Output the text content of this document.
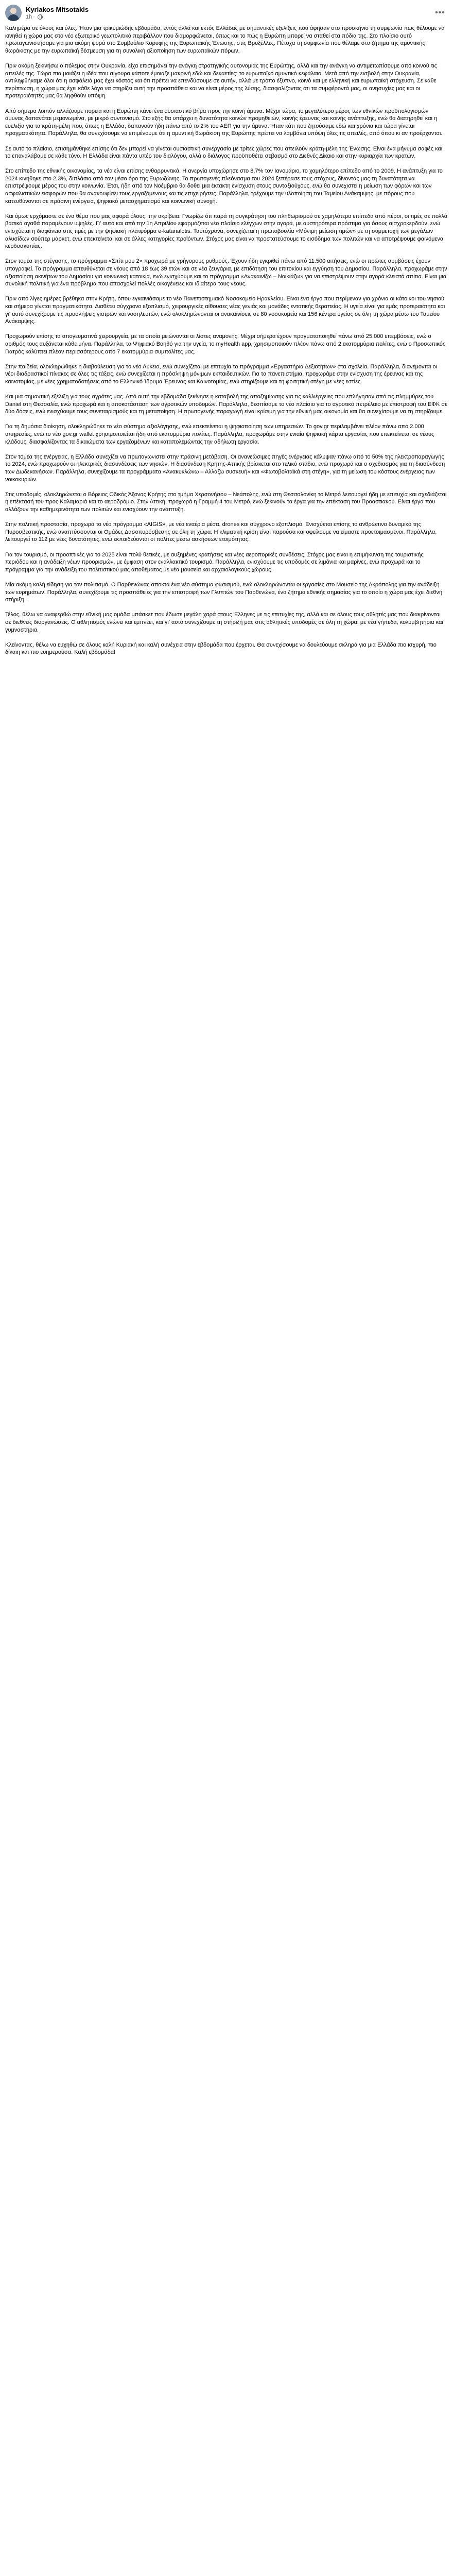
Kyriakos Mitsotakis
1h ·	•••

Καλημέρα σε όλους και όλες. Ήταν μια τρικυμιώδης εβδομάδα, εντός αλλά και εκτός Ελλάδας με σημαντικές εξελίξεις που άφησαν στο προσκήνιο τη συμφωνία πως θέλουμε να κινηθεί η χώρα μας στο νέο εξωτερικό γεωπολιτικό περιβάλλον που διαμορφώνεται, όπως και το πώς η Ευρώπη μπορεί να σταθεί στα πόδια της. Στο πλαίσιο αυτό πρωταγωνιστήσαμε για μια ακόμη φορά στο Συμβούλιο Κορυφής της Ευρωπαϊκής Ένωσης, στις Βρυξέλλες. Πέτυχα τη συμφωνία που θέλαμε στο ζήτημα της αμυντικής θωράκισης με την ευρωπαϊκή δέσμευση για τη συνολική αξιοποίηση των ευρωπαϊκών πόρων.

Πριν ακόμη ξεκινήσω ο πόλεμος στην Ουκρανία, είχα επισημάνει την ανάγκη στρατηγικής αυτονομίας της Ευρώπης, αλλά και την ανάγκη να αντιμετωπίσουμε από κοινού τις απειλές της. Τώρα πια μοιάζει η ιδέα που σίγουρα κάποτε έμοιαζε μακρινή εδώ και δεκαετίες: το ευρωπαϊκό αμυντικό κεφάλαιο. Μετά από την εισβολή στην Ουκρανία, αντιληφθήκαμε όλοι ότι η ασφάλειά μας έχει κόστος και ότι πρέπει να επενδύσουμε σε αυτήν, αλλά με τρόπο έξυπνο, κοινό και με ελληνική και ευρωπαϊκή στόχευση. Σε κάθε περίπτωση, η χώρα μας έχει κάθε λόγο να στηρίζει αυτή την προσπάθεια και να είναι μέρος της λύσης, διασφαλίζοντας ότι τα συμφέροντά μας, οι ανησυχίες μας και οι προτεραιότητές μας θα ληφθούν υπόψη.

Από σήμερα λοιπόν αλλάζουμε πορεία και η Ευρώπη κάνει ένα ουσιαστικό βήμα προς την κοινή άμυνα. Μέχρι τώρα, το μεγαλύτερο μέρος των εθνικών προϋπολογισμών άμυνας δαπανάται μεμονωμένα, με μικρό συντονισμό. Στο εξής θα υπάρχει η δυνατότητα κοινών προμηθειών, κοινής έρευνας και κοινής ανάπτυξης, ενώ θα διατηρηθεί και η ευελιξία για τα κράτη-μέλη που, όπως η Ελλάδα, δαπανούν ήδη πάνω από το 2% του ΑΕΠ για την άμυνα. Ήταν κάτι που ζητούσαμε εδώ και χρόνια και τώρα γίνεται πραγματικότητα. Παράλληλα, θα συνεχίσουμε να επιμένουμε ότι η αμυντική θωράκιση της Ευρώπης πρέπει να λαμβάνει υπόψη όλες τις απειλές, από όπου κι αν προέρχονται.

Σε αυτό το πλαίσιο, επισημάνθηκε επίσης ότι δεν μπορεί να γίνεται ουσιαστική συνεργασία με τρίτες χώρες που απειλούν κράτη-μέλη της Ένωσης. Είναι ένα μήνυμα σαφές και το επαναλάβαμε σε κάθε τόνο. Η Ελλάδα είναι πάντα υπέρ του διαλόγου, αλλά ο διάλογος προϋποθέτει σεβασμό στο Διεθνές Δίκαιο και στην κυριαρχία των κρατών.

Στο επίπεδο της εθνικής οικονομίας, τα νέα είναι επίσης ενθαρρυντικά. Η ανεργία υποχώρησε στο 8,7% τον Ιανουάριο, το χαμηλότερο επίπεδο από το 2009. Η ανάπτυξη για το 2024 κινήθηκε στο 2,3%, διπλάσια από τον μέσο όρο της Ευρωζώνης. Το πρωτογενές πλεόνασμα του 2024 ξεπέρασε τους στόχους, δίνοντάς μας τη δυνατότητα να επιστρέψουμε μέρος του στην κοινωνία. Έτσι, ήδη από τον Νοέμβριο θα δοθεί μια έκτακτη ενίσχυση στους συνταξιούχους, ενώ θα συνεχιστεί η μείωση των φόρων και των ασφαλιστικών εισφορών που θα ανακουφίσει τους εργαζόμενους και τις επιχειρήσεις. Παράλληλα, τρέχουμε την υλοποίηση του Ταμείου Ανάκαμψης, με πόρους που κατευθύνονται σε πράσινη ενέργεια, ψηφιακό μετασχηματισμό και κοινωνική συνοχή.

Και όμως ερχόμαστε σε ένα θέμα που μας αφορά όλους: την ακρίβεια. Γνωρίζω ότι παρά τη συγκράτηση του πληθωρισμού σε χαμηλότερα επίπεδα από πέρσι, οι τιμές σε πολλά βασικά αγαθά παραμένουν υψηλές. Γι' αυτό και από την 1η Απριλίου εφαρμόζεται νέο πλαίσιο ελέγχων στην αγορά, με αυστηρότερα πρόστιμα για όσους αισχροκερδούν, ενώ ενισχύεται η διαφάνεια στις τιμές με την ψηφιακή πλατφόρμα e-katanalotis. Ταυτόχρονα, συνεχίζεται η πρωτοβουλία «Μόνιμη μείωση τιμών» με τη συμμετοχή των μεγάλων αλυσίδων σούπερ μάρκετ, ενώ επεκτείνεται και σε άλλες κατηγορίες προϊόντων. Στόχος μας είναι να προστατεύσουμε το εισόδημα των πολιτών και να αποτρέψουμε φαινόμενα κερδοσκοπίας.

Στον τομέα της στέγασης, το πρόγραμμα «Σπίτι μου 2» προχωρά με γρήγορους ρυθμούς. Έχουν ήδη εγκριθεί πάνω από 11.500 αιτήσεις, ενώ οι πρώτες συμβάσεις έχουν υπογραφεί. Το πρόγραμμα απευθύνεται σε νέους από 18 έως 39 ετών και σε νέα ζευγάρια, με επιδότηση του επιτοκίου και εγγύηση του Δημοσίου. Παράλληλα, προχωράμε στην αξιοποίηση ακινήτων του Δημοσίου για κοινωνική κατοικία, ενώ ενισχύουμε και το πρόγραμμα «Ανακαινίζω – Νοικιάζω» για να επιστρέψουν στην αγορά κλειστά σπίτια. Είναι μια συνολική πολιτική για ένα πρόβλημα που απασχολεί πολλές οικογένειες και ιδιαίτερα τους νέους.

Πριν από λίγες ημέρες βρέθηκα στην Κρήτη, όπου εγκαινιάσαμε το νέο Πανεπιστημιακό Νοσοκομείο Ηρακλείου. Είναι ένα έργο που περίμεναν για χρόνια οι κάτοικοι του νησιού και σήμερα γίνεται πραγματικότητα. Διαθέτει σύγχρονο εξοπλισμό, χειρουργικές αίθουσες νέας γενιάς και μονάδες εντατικής θεραπείας. Η υγεία είναι για εμάς προτεραιότητα και γι' αυτό συνεχίζουμε τις προσλήψεις γιατρών και νοσηλευτών, ενώ ολοκληρώνονται οι ανακαινίσεις σε 80 νοσοκομεία και 156 κέντρα υγείας σε όλη τη χώρα μέσω του Ταμείου Ανάκαμψης.

Προχωρούν επίσης τα απογευματινά χειρουργεία, με τα οποία μειώνονται οι λίστες αναμονής. Μέχρι σήμερα έχουν πραγματοποιηθεί πάνω από 25.000 επεμβάσεις, ενώ ο αριθμός τους αυξάνεται κάθε μήνα. Παράλληλα, το Ψηφιακό Βοηθό για την υγεία, το myHealth app, χρησιμοποιούν πλέον πάνω από 2 εκατομμύρια πολίτες, ενώ ο Προσωπικός Γιατρός καλύπτει πλέον περισσότερους από 7 εκατομμύρια συμπολίτες μας.

Στην παιδεία, ολοκληρώθηκε η διαβούλευση για το νέο Λύκειο, ενώ συνεχίζεται με επιτυχία το πρόγραμμα «Εργαστήρια Δεξιοτήτων» στα σχολεία. Παράλληλα, διανέμονται οι νέοι διαδραστικοί πίνακες σε όλες τις τάξεις, ενώ συνεχίζεται η πρόσληψη μόνιμων εκπαιδευτικών. Για τα πανεπιστήμια, προχωράμε στην ενίσχυση της έρευνας και της καινοτομίας, με νέες χρηματοδοτήσεις από το Ελληνικό Ίδρυμα Έρευνας και Καινοτομίας, ενώ στηρίζουμε και τη φοιτητική στέγη με νέες εστίες.

Και μια σημαντική εξέλιξη για τους αγρότες μας. Από αυτή την εβδομάδα ξεκίνησε η καταβολή της αποζημίωσης για τις καλλιέργειες που επλήγησαν από τις πλημμύρες του Daniel στη Θεσσαλία, ενώ προχωρά και η αποκατάσταση των αγροτικών υποδομών. Παράλληλα, θεσπίσαμε το νέο πλαίσιο για το αγροτικό πετρέλαιο με επιστροφή του ΕΦΚ σε δύο δόσεις, ενώ ενισχύουμε τους συνεταιρισμούς και τη μεταποίηση. Η πρωτογενής παραγωγή είναι κρίσιμη για την εθνική μας οικονομία και θα συνεχίσουμε να τη στηρίζουμε.

Για τη δημόσια διοίκηση, ολοκληρώθηκε το νέο σύστημα αξιολόγησης, ενώ επεκτείνεται η ψηφιοποίηση των υπηρεσιών. Το gov.gr περιλαμβάνει πλέον πάνω από 2.000 υπηρεσίες, ενώ το νέο gov.gr wallet χρησιμοποιείται ήδη από εκατομμύρια πολίτες. Παράλληλα, προχωράμε στην ενιαία ψηφιακή κάρτα εργασίας που επεκτείνεται σε νέους κλάδους, διασφαλίζοντας τα δικαιώματα των εργαζομένων και καταπολεμώντας την αδήλωτη εργασία.

Στον τομέα της ενέργειας, η Ελλάδα συνεχίζει να πρωταγωνιστεί στην πράσινη μετάβαση. Οι ανανεώσιμες πηγές ενέργειας κάλυψαν πάνω από το 50% της ηλεκτροπαραγωγής το 2024, ενώ προχωρούν οι ηλεκτρικές διασυνδέσεις των νησιών. Η διασύνδεση Κρήτης-Αττικής βρίσκεται στο τελικό στάδιο, ενώ προχωρά και ο σχεδιασμός για τη διασύνδεση των Δωδεκανήσων. Παράλληλα, συνεχίζουμε τα προγράμματα «Ανακυκλώνω – Αλλάζω συσκευή» και «Φωτοβολταϊκά στη στέγη», για τη μείωση του κόστους ενέργειας των νοικοκυριών.

Στις υποδομές, ολοκληρώνεται ο Βόρειος Οδικός Άξονας Κρήτης στο τμήμα Χερσονήσου – Νεάπολης, ενώ στη Θεσσαλονίκη το Μετρό λειτουργεί ήδη με επιτυχία και σχεδιάζεται η επέκτασή του προς Καλαμαριά και το αεροδρόμιο. Στην Αττική, προχωρά η Γραμμή 4 του Μετρό, ενώ ξεκινούν τα έργα για την επέκταση του Προαστιακού. Είναι έργα που αλλάζουν την καθημερινότητα των πολιτών και ενισχύουν την ανάπτυξη.

Στην πολιτική προστασία, προχωρά το νέο πρόγραμμα «AIGIS», με νέα εναέρια μέσα, drones και σύγχρονο εξοπλισμό. Ενισχύεται επίσης το ανθρώπινο δυναμικό της Πυροσβεστικής, ενώ αναπτύσσονται οι Ομάδες Δασοπυρόσβεσης σε όλη τη χώρα. Η κλιματική κρίση είναι παρούσα και οφείλουμε να είμαστε προετοιμασμένοι. Παράλληλα, λειτουργεί το 112 με νέες δυνατότητες, ενώ εκπαιδεύονται οι πολίτες μέσω ασκήσεων ετοιμότητας.

Για τον τουρισμό, οι προοπτικές για το 2025 είναι πολύ θετικές, με αυξημένες κρατήσεις και νέες αεροπορικές συνδέσεις. Στόχος μας είναι η επιμήκυνση της τουριστικής περιόδου και η ανάδειξη νέων προορισμών, με έμφαση στον εναλλακτικό τουρισμό. Παράλληλα, ενισχύουμε τις υποδομές σε λιμάνια και μαρίνες, ενώ προχωρά και το πρόγραμμα για την ανάδειξη του πολιτιστικού μας αποθέματος με νέα μουσεία και αρχαιολογικούς χώρους.

Μία ακόμη καλή είδηση για τον πολιτισμό. Ο Παρθενώνας αποκτά ένα νέο σύστημα φωτισμού, ενώ ολοκληρώνονται οι εργασίες στο Μουσείο της Ακρόπολης για την ανάδειξη των ευρημάτων. Παράλληλα, συνεχίζουμε τις προσπάθειες για την επιστροφή των Γλυπτών του Παρθενώνα, ένα ζήτημα εθνικής σημασίας για το οποίο η χώρα μας έχει διεθνή στήριξη.

Τέλος, θέλω να αναφερθώ στην εθνική μας ομάδα μπάσκετ που έδωσε μεγάλη χαρά στους Έλληνες με τις επιτυχίες της, αλλά και σε όλους τους αθλητές μας που διακρίνονται σε διεθνείς διοργανώσεις. Ο αθλητισμός ενώνει και εμπνέει, και γι' αυτό συνεχίζουμε τη στήριξή μας στις αθλητικές υποδομές σε όλη τη χώρα, με νέα γήπεδα, κολυμβητήρια και γυμναστήρια.

Κλείνοντας, θέλω να ευχηθώ σε όλους καλή Κυριακή και καλή συνέχεια στην εβδομάδα που έρχεται. Θα συνεχίσουμε να δουλεύουμε σκληρά για μια Ελλάδα πιο ισχυρή, πιο δίκαιη και πιο ευημερούσα. Καλή εβδομάδα!
